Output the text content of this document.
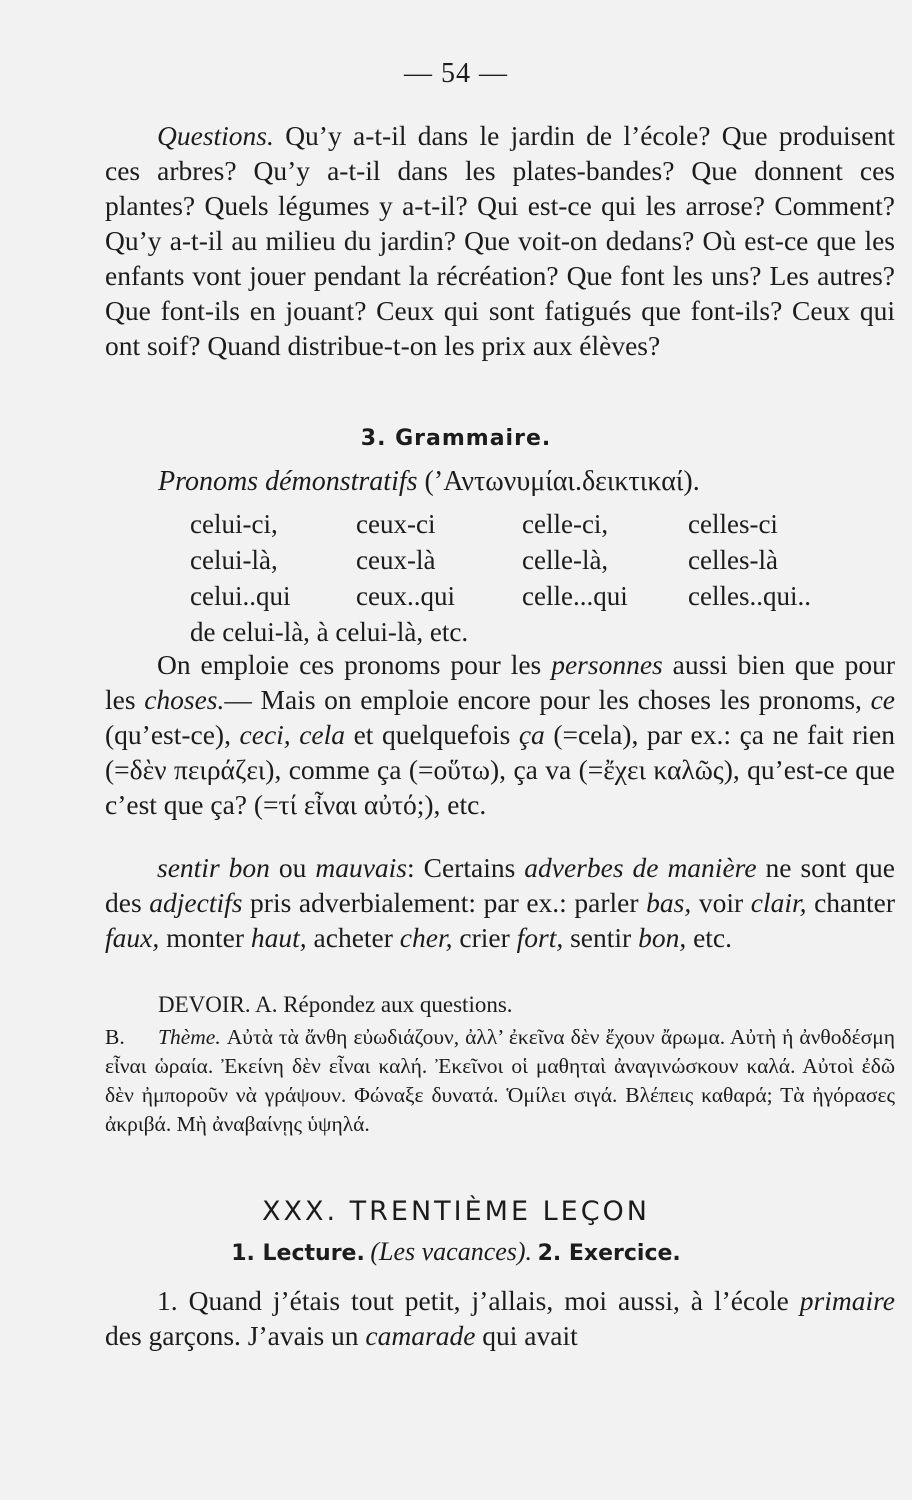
— 54 —
Questions. Qu’y a-t-il dans le jardin de l’école? Que produisent ces arbres? Qu’y a-t-il dans les plates-bandes? Que donnent ces plantes? Quels légumes y a-t-il? Qui est-ce qui les arrose? Comment? Qu’y a-t-il au milieu du jardin? Que voit-on dedans? Où est-ce que les enfants vont jouer pendant la récréation? Que font les uns? Les autres? Que font-ils en jouant? Ceux qui sont fatigués que font-ils? Ceux qui ont soif? Quand distribue-t-on les prix aux élèves?
3. Grammaire.
Pronoms démonstratifs (’Αντωνυμίαι.δεικτικαί).
celui-ci,	ceux-ci	celle-ci,	celles-ci
celui-là,	ceux-là	celle-là,	celles-là
celui..qui	ceux..qui	celle...qui	celles..qui..
de celui-là, à celui-là, etc.
On emploie ces pronoms pour les personnes aussi bien que pour les choses.— Mais on emploie encore pour les choses les pronoms, ce (qu’est-ce), ceci, cela et quelquefois ça (=cela), par ex.: ça ne fait rien (=δὲν πειράζει), comme ça (=οὕτω), ça va (=ἔχει καλῶς), qu’est-ce que c’est que ça? (=τί εἶναι αὐτό;), etc.
sentir bon ou mauvais: Certains adverbes de manière ne sont que des adjectifs pris adverbialement: par ex.: parler bas, voir clair, chanter faux, monter haut, acheter cher, crier fort, sentir bon, etc.
DEVOIR. A. Répondez aux questions.
B. Thème. Αὐτὰ τὰ ἄνθη εὐωδιάζουν, ἀλλ’ ἐκεῖνα δὲν ἔχουν ἄρωμα. Αὐτὴ ἡ ἀνθοδέσμη εἶναι ὡραία. Ἐκείνη δὲν εἶναι καλή. Ἐκεῖνοι οἱ μαθηταὶ ἀναγινώσκουν καλά. Αὐτοὶ ἐδῶ δὲν ἠμποροῦν νὰ γράψουν. Φώναξε δυνατά. Ὁμίλει σιγά. Βλέπεις καθαρά; Τὰ ἠγόρασες ἀκριβά. Μὴ ἀναβαίνῃς ὑψηλά.
XXX. TRENTIÈME LEÇON
1. Lecture. (Les vacances). 2. Exercice.
1. Quand j’étais tout petit, j’allais, moi aussi, à l’école primaire des garçons. J’avais un camarade qui avait
